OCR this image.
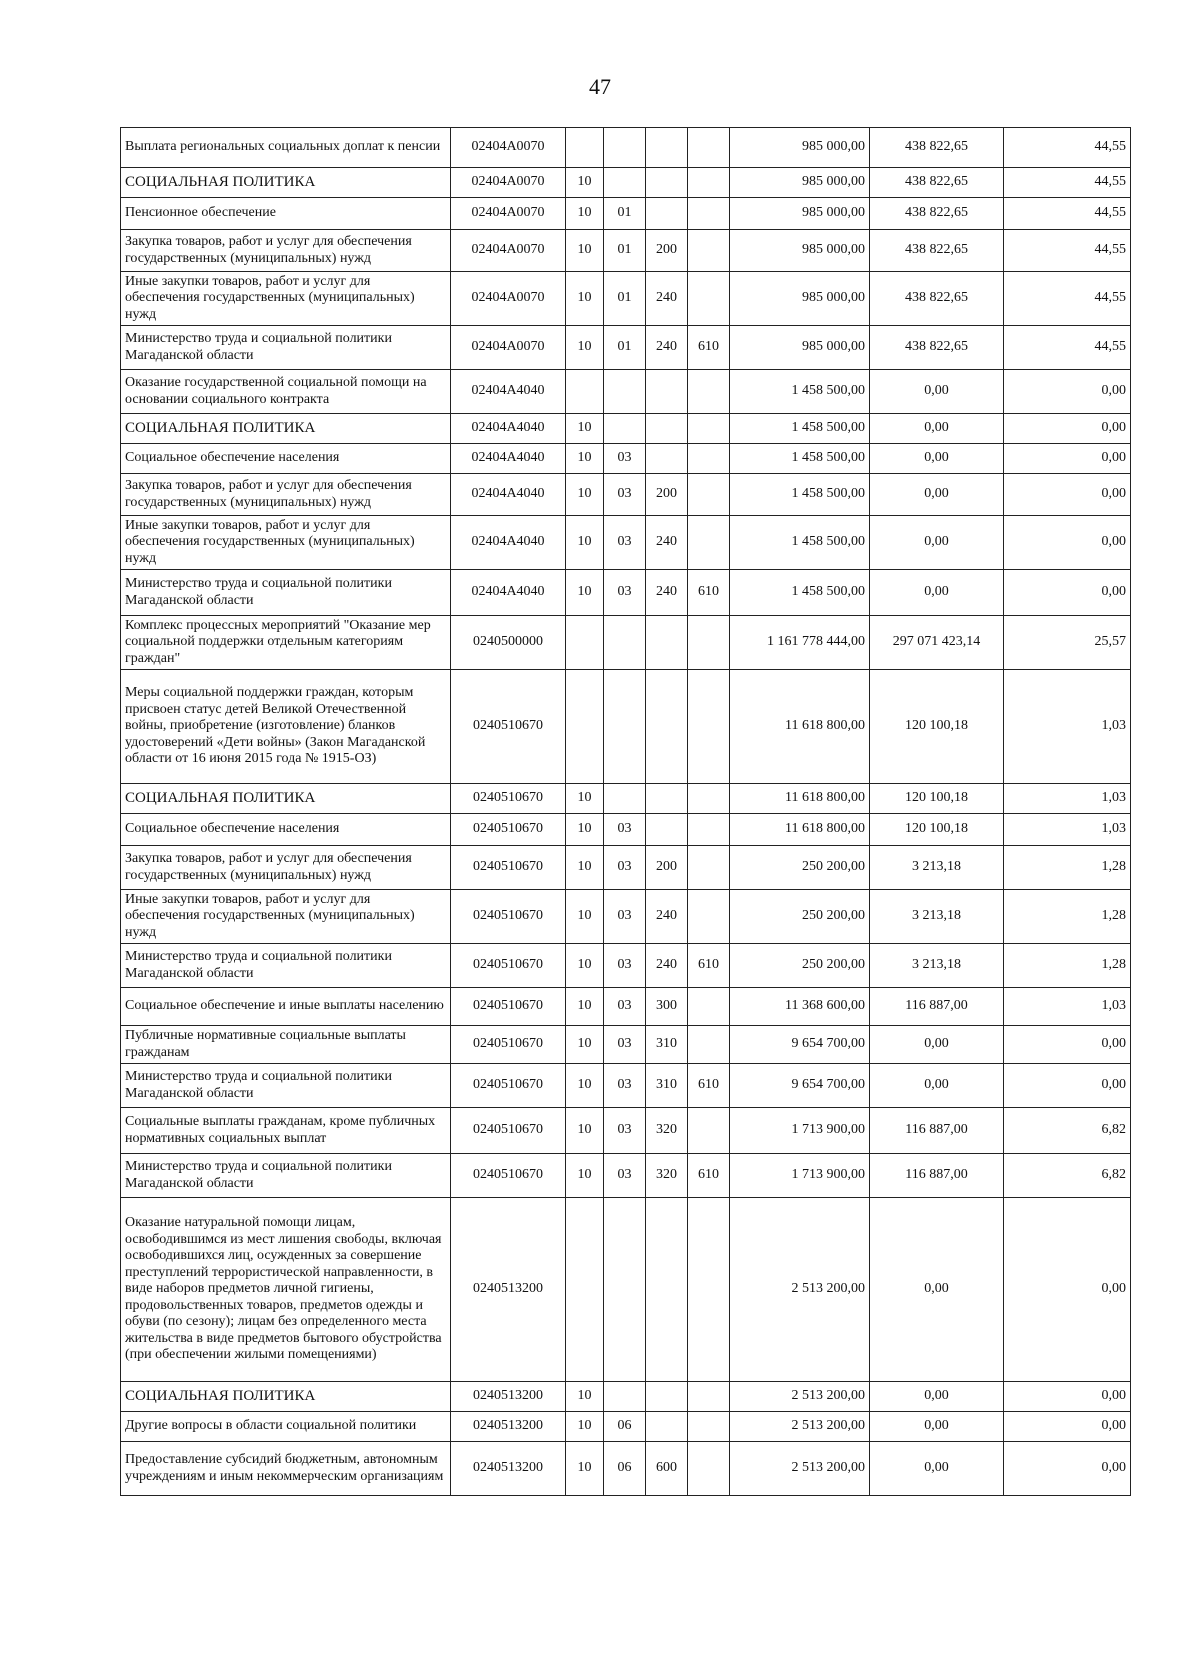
47
Выплата региональных социальных доплат к пенсии	02404A0070					985 000,00	438 822,65	44,55
СОЦИАЛЬНАЯ ПОЛИТИКА	02404A0070	10				985 000,00	438 822,65	44,55
Пенсионное обеспечение	02404A0070	10	01			985 000,00	438 822,65	44,55
Закупка товаров, работ и услуг для обеспечения государственных (муниципальных) нужд	02404A0070	10	01	200		985 000,00	438 822,65	44,55
Иные закупки товаров, работ и услуг для обеспечения государственных (муниципальных) нужд	02404A0070	10	01	240		985 000,00	438 822,65	44,55
Министерство труда и социальной политики Магаданской области	02404A0070	10	01	240	610	985 000,00	438 822,65	44,55
Оказание государственной социальной помощи на основании социального контракта	02404A4040					1 458 500,00	0,00	0,00
СОЦИАЛЬНАЯ ПОЛИТИКА	02404A4040	10				1 458 500,00	0,00	0,00
Социальное обеспечение населения	02404A4040	10	03			1 458 500,00	0,00	0,00
Закупка товаров, работ и услуг для обеспечения государственных (муниципальных) нужд	02404A4040	10	03	200		1 458 500,00	0,00	0,00
Иные закупки товаров, работ и услуг для обеспечения государственных (муниципальных) нужд	02404A4040	10	03	240		1 458 500,00	0,00	0,00
Министерство труда и социальной политики Магаданской области	02404A4040	10	03	240	610	1 458 500,00	0,00	0,00
Комплекс процессных мероприятий "Оказание мер социальной поддержки отдельным категориям граждан"	0240500000					1 161 778 444,00	297 071 423,14	25,57
Меры социальной поддержки граждан, которым присвоен статус детей Великой Отечественной войны, приобретение (изготовление) бланков удостоверений «Дети войны» (Закон Магаданской области от 16 июня 2015 года № 1915-ОЗ)	0240510670					11 618 800,00	120 100,18	1,03
СОЦИАЛЬНАЯ ПОЛИТИКА	0240510670	10				11 618 800,00	120 100,18	1,03
Социальное обеспечение населения	0240510670	10	03			11 618 800,00	120 100,18	1,03
Закупка товаров, работ и услуг для обеспечения государственных (муниципальных) нужд	0240510670	10	03	200		250 200,00	3 213,18	1,28
Иные закупки товаров, работ и услуг для обеспечения государственных (муниципальных) нужд	0240510670	10	03	240		250 200,00	3 213,18	1,28
Министерство труда и социальной политики Магаданской области	0240510670	10	03	240	610	250 200,00	3 213,18	1,28
Социальное обеспечение и иные выплаты населению	0240510670	10	03	300		11 368 600,00	116 887,00	1,03
Публичные нормативные социальные выплаты гражданам	0240510670	10	03	310		9 654 700,00	0,00	0,00
Министерство труда и социальной политики Магаданской области	0240510670	10	03	310	610	9 654 700,00	0,00	0,00
Социальные выплаты гражданам, кроме публичных нормативных социальных выплат	0240510670	10	03	320		1 713 900,00	116 887,00	6,82
Министерство труда и социальной политики Магаданской области	0240510670	10	03	320	610	1 713 900,00	116 887,00	6,82
Оказание натуральной помощи лицам, освободившимся из мест лишения свободы, включая освободившихся лиц, осужденных за совершение преступлений террористической направленности, в виде наборов предметов личной гигиены, продовольственных товаров, предметов одежды и обуви (по сезону); лицам без определенного места жительства в виде предметов бытового обустройства (при обеспечении жилыми помещениями)	0240513200					2 513 200,00	0,00	0,00
СОЦИАЛЬНАЯ ПОЛИТИКА	0240513200	10				2 513 200,00	0,00	0,00
Другие вопросы в области социальной политики	0240513200	10	06			2 513 200,00	0,00	0,00
Предоставление субсидий бюджетным, автономным учреждениям и иным некоммерческим организациям	0240513200	10	06	600		2 513 200,00	0,00	0,00
